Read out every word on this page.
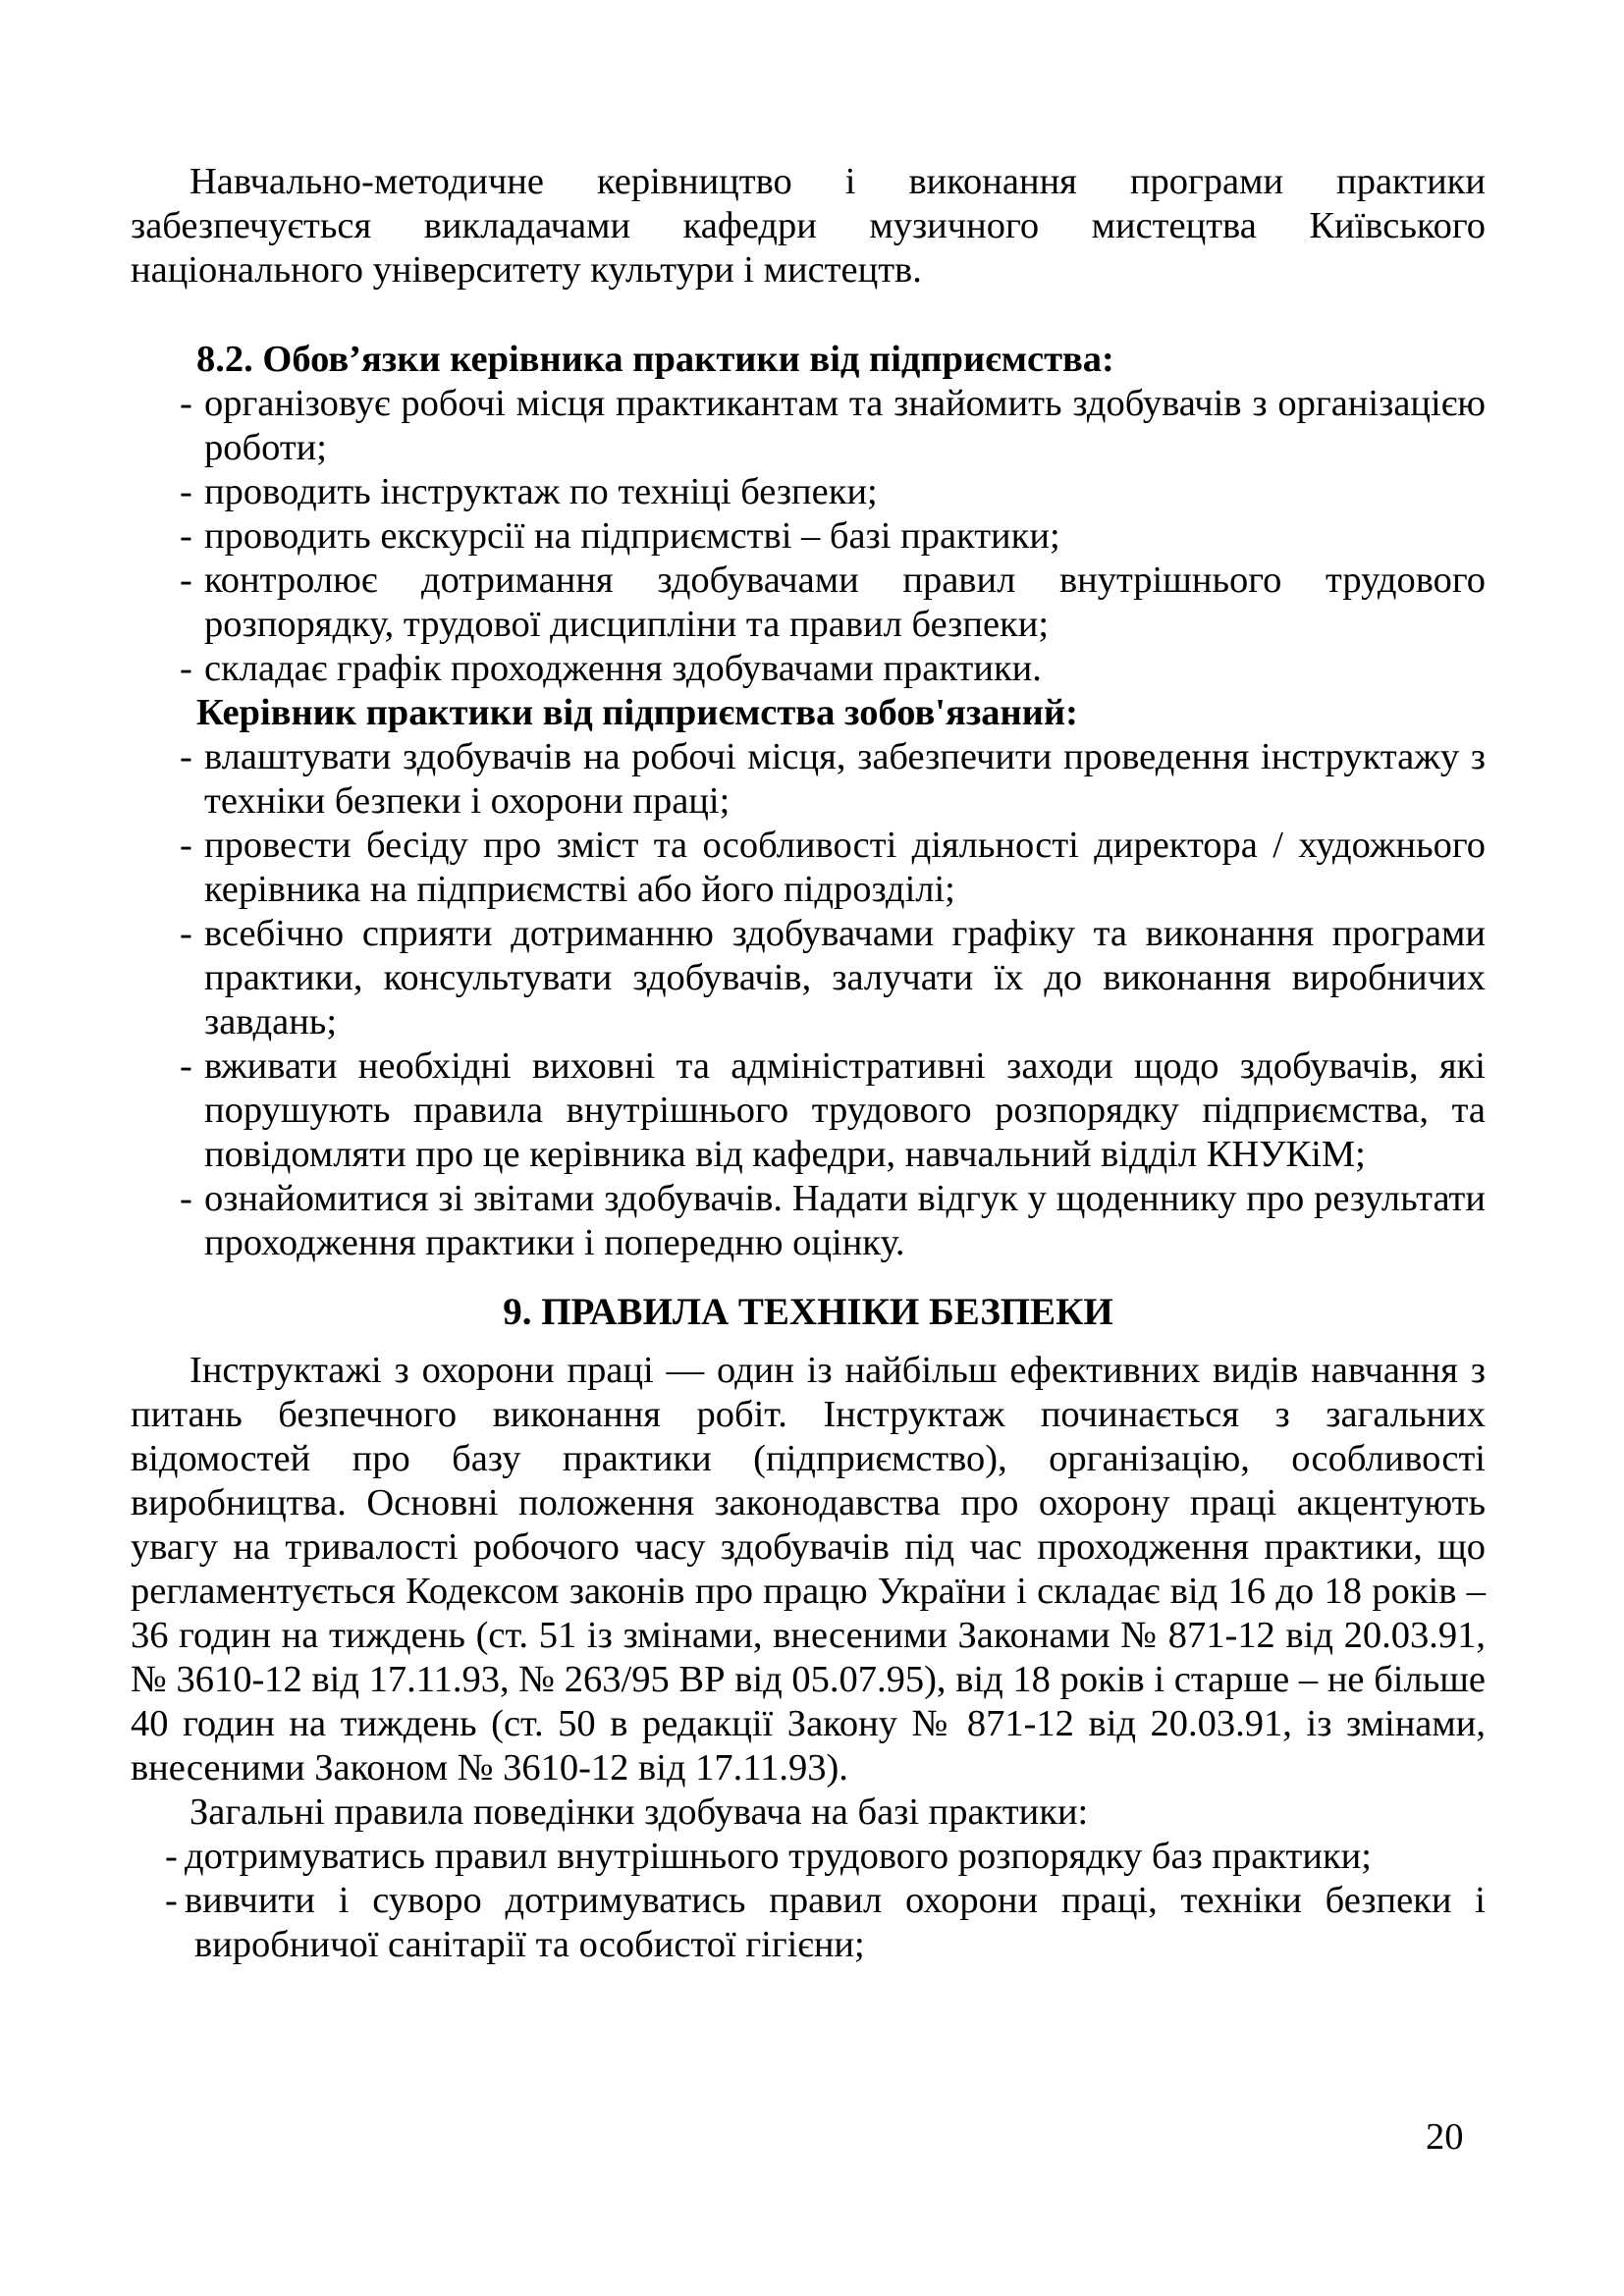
Навчально-методичне керівництво і виконання програми практики забезпечується викладачами кафедри музичного мистецтва Київського національного університету культури і мистецтв.

8.2. Обов’язки керівника практики від підприємства:

- організовує робочі місця практикантам та знайомить здобувачів з організацією роботи;
- проводить інструктаж по техніці безпеки;
- проводить екскурсії на підприємстві – базі практики;
- контролює дотримання здобувачами правил внутрішнього трудового розпорядку, трудової дисципліни та правил безпеки;
- складає графік проходження здобувачами практики.

Керівник практики від підприємства зобов'язаний:

- влаштувати здобувачів на робочі місця, забезпечити проведення інструктажу з техніки безпеки і охорони праці;
- провести бесіду про зміст та особливості діяльності директора / художнього керівника на підприємстві або його підрозділі;
- всебічно сприяти дотриманню здобувачами графіку та виконання програми практики, консультувати здобувачів, залучати їх до виконання виробничих завдань;
- вживати необхідні виховні та адміністративні заходи щодо здобувачів, які порушують правила внутрішнього трудового розпорядку підприємства, та повідомляти про це керівника від кафедри, навчальний відділ КНУКіМ;
- ознайомитися зі звітами здобувачів. Надати відгук у щоденнику про результати проходження практики і попередню оцінку.

9. ПРАВИЛА ТЕХНІКИ БЕЗПЕКИ

Інструктажі з охорони праці — один із найбільш ефективних видів навчання з питань безпечного виконання робіт. Інструктаж починається з загальних відомостей про базу практики (підприємство), організацію, особливості виробництва. Основні положення законодавства про охорону праці акцентують увагу на тривалості робочого часу здобувачів під час проходження практики, що регламентується Кодексом законів про працю України і складає від 16 до 18 років – 36 годин на тиждень (ст. 51 із змінами, внесеними Законами № 871-12 від 20.03.91, № 3610-12 від 17.11.93, № 263/95 ВР від 05.07.95), від 18 років і старше – не більше 40 годин на тиждень (ст. 50 в редакції Закону № 871-12 від 20.03.91, із змінами, внесеними Законом № 3610-12 від 17.11.93).

Загальні правила поведінки здобувача на базі практики:

- дотримуватись правил внутрішнього трудового розпорядку баз практики;
- вивчити і суворо дотримуватись правил охорони праці, техніки безпеки і виробничої санітарії та особистої гігієни;
20
